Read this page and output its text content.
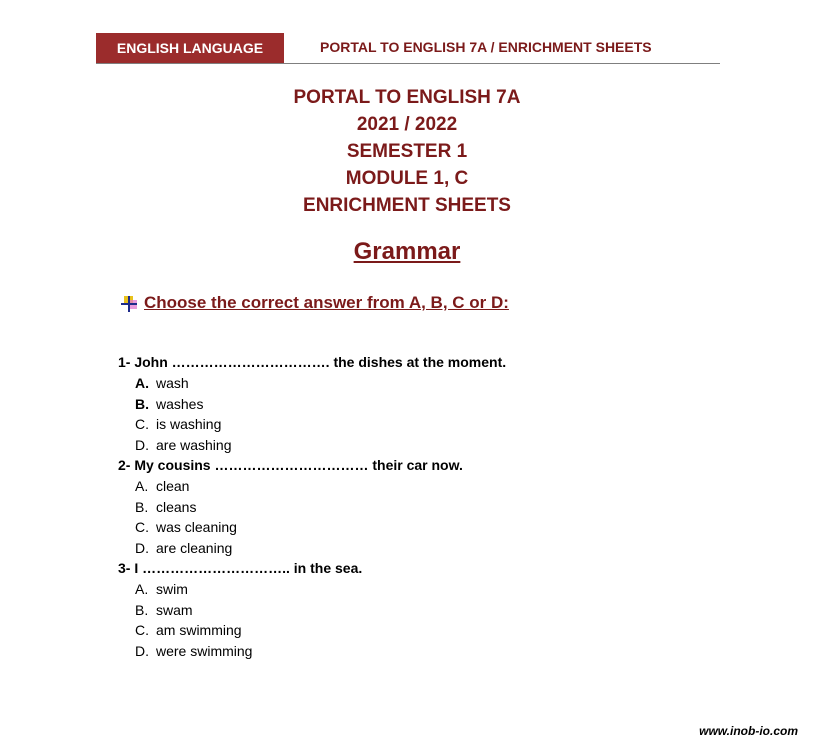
ENGLISH LANGUAGE	PORTAL TO ENGLISH 7A / ENRICHMENT SHEETS
PORTAL TO ENGLISH 7A
2021 / 2022
SEMESTER 1
MODULE 1, C
ENRICHMENT SHEETS
Grammar
Choose the correct answer from A, B, C or D:
1- John ……………………………. the dishes at the moment.
A. wash
B. washes
C. is washing
D. are washing
2- My cousins …………………………… their car now.
A. clean
B. cleans
C. was cleaning
D. are cleaning
3- I ………………………….. in the sea.
A. swim
B. swam
C. am swimming
D. were swimming
www.inob-io.com
